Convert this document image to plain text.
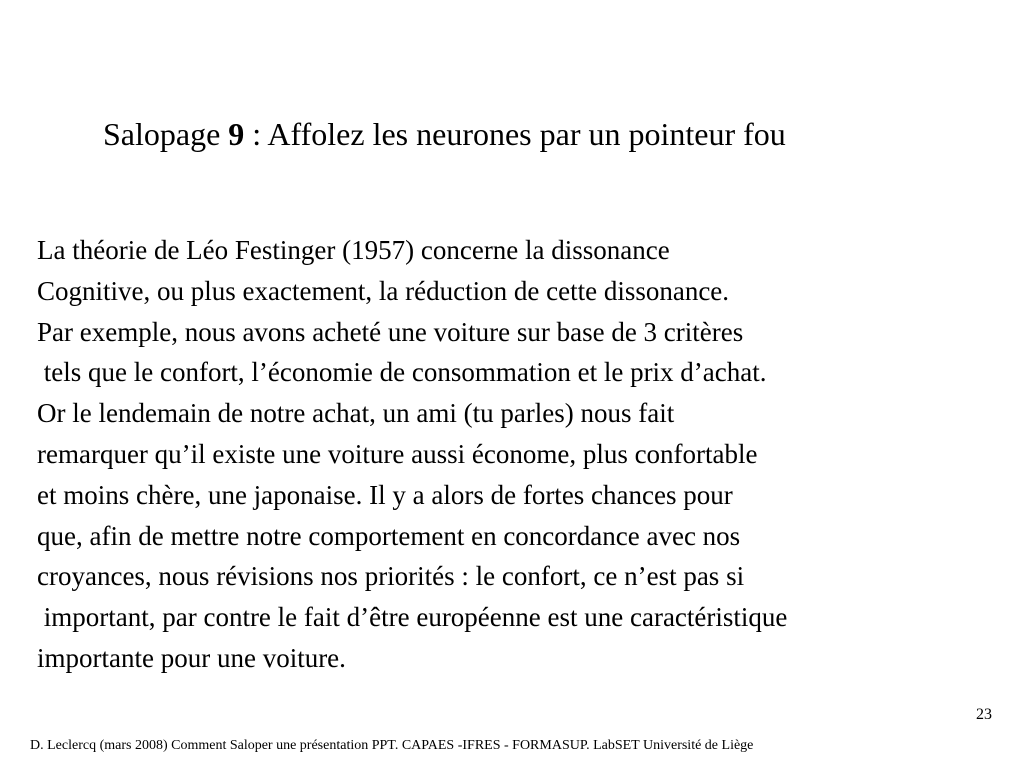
Salopage 9 : Affolez les neurones par un pointeur fou
La théorie de Léo Festinger (1957) concerne la dissonance
Cognitive, ou plus exactement, la réduction de cette dissonance.
Par exemple, nous avons acheté une voiture sur base de 3 critères
tels que le confort, l’économie de consommation et le prix d’achat.
Or le lendemain de notre achat, un ami (tu parles) nous fait
remarquer qu’il existe une voiture aussi économe, plus confortable
et moins chère, une japonaise. Il y a alors de fortes chances pour
que, afin de mettre notre comportement en concordance avec nos
croyances, nous révisions nos priorités : le confort, ce n’est pas si
important, par contre le fait d’être européenne est une caractéristique
importante pour une voiture.
23
D. Leclercq (mars 2008) Comment Saloper une présentation PPT. CAPAES -IFRES - FORMASUP. LabSET Université de Liège
